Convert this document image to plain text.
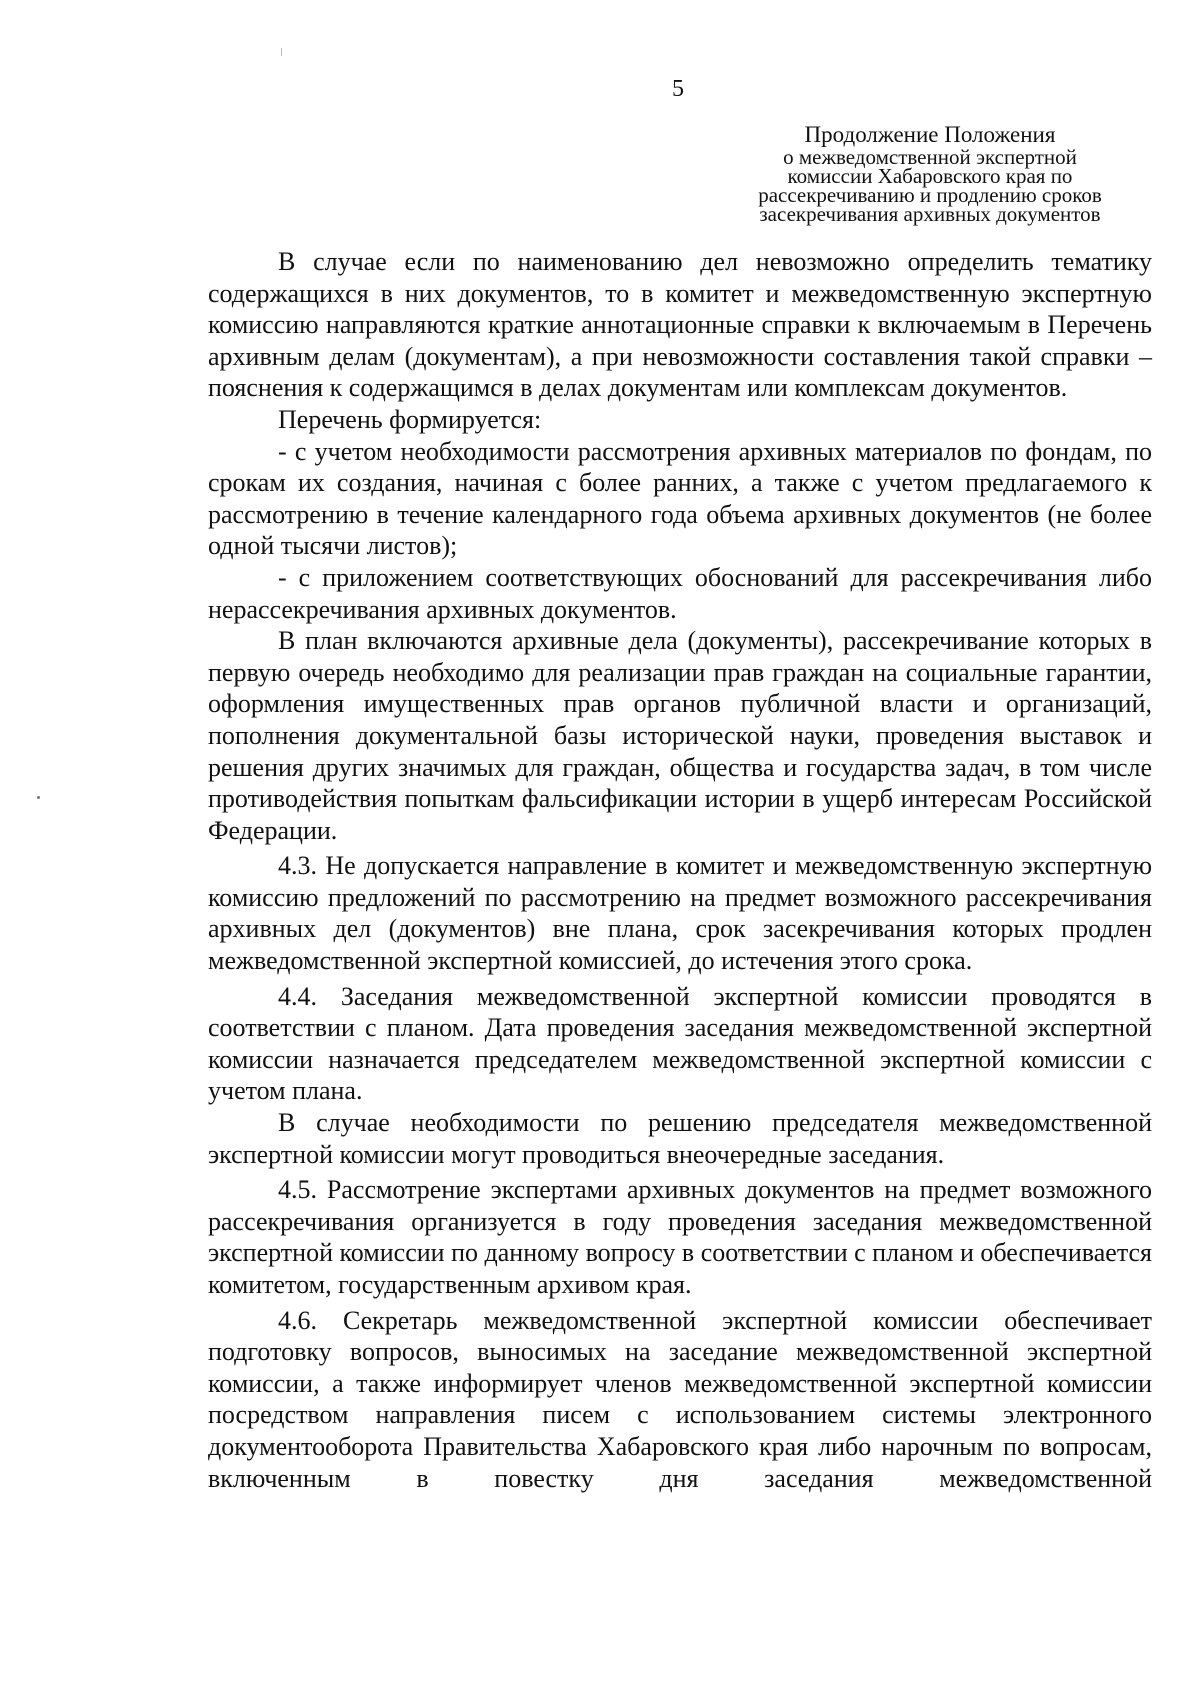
5
Продолжение Положения
о межведомственной экспертной
комиссии Хабаровского края по
рассекречиванию и продлению сроков
засекречивания архивных документов

В случае если по наименованию дел невозможно определить тематику содержащихся в них документов, то в комитет и межведомственную экспертную комиссию направляются краткие аннотационные справки к включаемым в Перечень архивным делам (документам), а при невозможности составления такой справки – пояснения к содержащимся в делах документам или комплексам документов.

Перечень формируется:

- с учетом необходимости рассмотрения архивных материалов по фондам, по срокам их создания, начиная с более ранних, а также с учетом предлагаемого к рассмотрению в течение календарного года объема архивных документов (не более одной тысячи листов);

- с приложением соответствующих обоснований для рассекречивания либо нерассекречивания архивных документов.

В план включаются архивные дела (документы), рассекречивание которых в первую очередь необходимо для реализации прав граждан на социальные гарантии, оформления имущественных прав органов публичной власти и организаций, пополнения документальной базы исторической науки, проведения выставок и решения других значимых для граждан, общества и государства задач, в том числе противодействия попыткам фальсификации истории в ущерб интересам Российской Федерации.

4.3. Не допускается направление в комитет и межведомственную экспертную комиссию предложений по рассмотрению на предмет возможного рассекречивания архивных дел (документов) вне плана, срок засекречивания которых продлен межведомственной экспертной комиссией, до истечения этого срока.

4.4. Заседания межведомственной экспертной комиссии проводятся в соответствии с планом. Дата проведения заседания межведомственной экспертной комиссии назначается председателем межведомственной экспертной комиссии с учетом плана.

В случае необходимости по решению председателя межведомственной экспертной комиссии могут проводиться внеочередные заседания.

4.5. Рассмотрение экспертами архивных документов на предмет возможного рассекречивания организуется в году проведения заседания межведомственной экспертной комиссии по данному вопросу в соответствии с планом и обеспечивается комитетом, государственным архивом края.

4.6. Секретарь межведомственной экспертной комиссии обеспечивает подготовку вопросов, выносимых на заседание межведомственной экспертной комиссии, а также информирует членов межведомственной экспертной комиссии посредством направления писем с использованием системы электронного документооборота Правительства Хабаровского края либо нарочным по вопросам, включенным в повестку дня заседания межведомственной
